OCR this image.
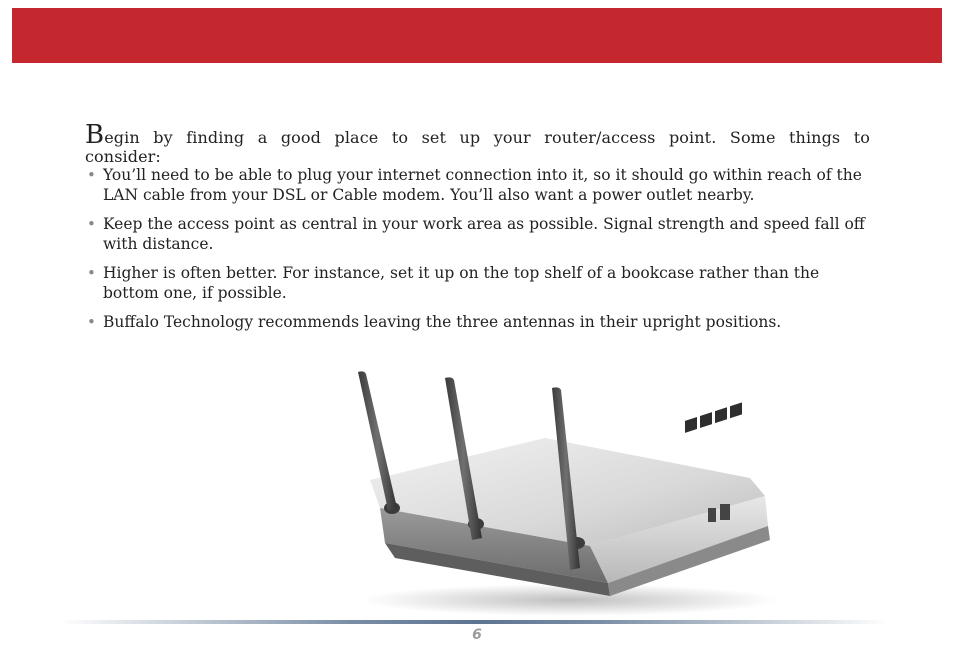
Begin by finding a good place to set up your router/access point. Some things to consider:

• You’ll need to be able to plug your internet connection into it, so it should go within reach of the LAN cable from your DSL or Cable modem. You’ll also want a power outlet nearby.
• Keep the access point as central in your work area as possible. Signal strength and speed fall off with distance.
• Higher is often better. For instance, set it up on the top shelf of a bookcase rather than the bottom one, if possible.
• Buffalo Technology recommends leaving the three antennas in their upright positions.
6
